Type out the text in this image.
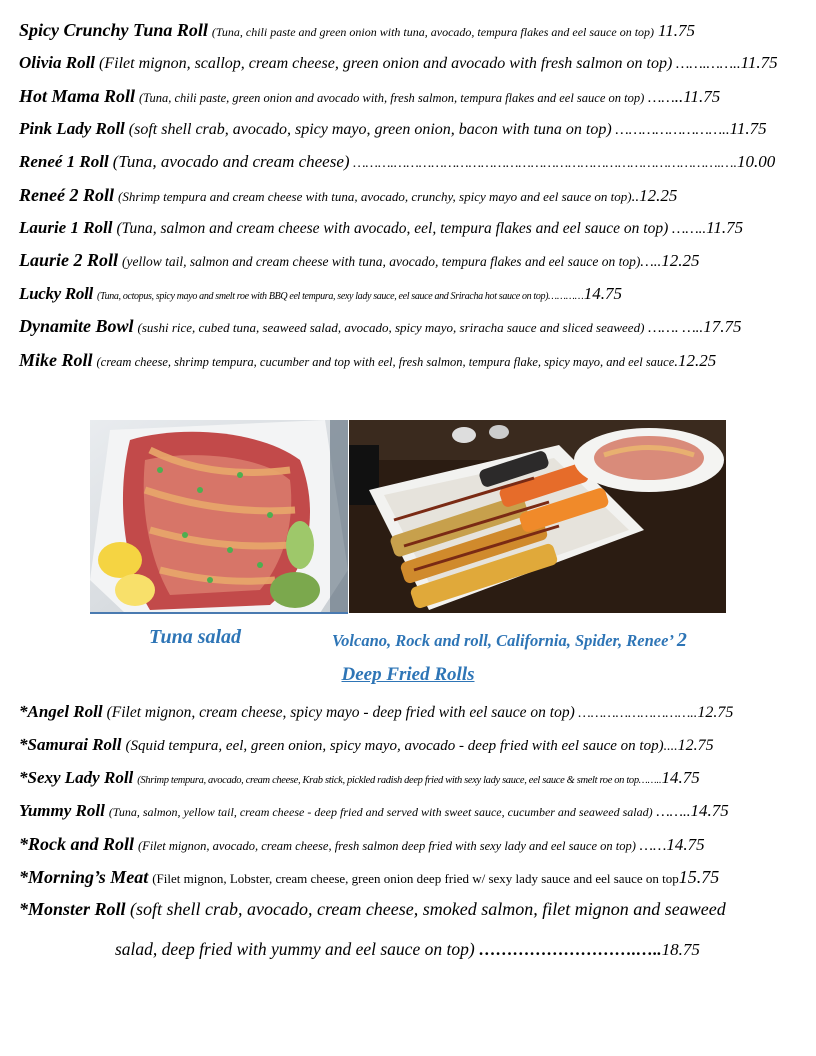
Spicy Crunchy Tuna Roll (Tuna, chili paste and green onion with tuna, avocado, tempura flakes and eel sauce on top) 11.75
Olivia Roll (Filet mignon, scallop, cream cheese, green onion and avocado with fresh salmon on top) …….……..11.75
Hot Mama Roll (Tuna, chili paste, green onion and avocado with, fresh salmon, tempura flakes and eel sauce on top) ……..11.75
Pink Lady Roll (soft shell crab, avocado, spicy mayo, green onion, bacon with tuna on top) ……………………..11.75
Reneé 1 Roll (Tuna, avocado and cream cheese) ……….…………………………………………………………………….….10.00
Reneé 2 Roll (Shrimp tempura and cream cheese with tuna, avocado, crunchy, spicy mayo and eel sauce on top)..12.25
Laurie 1 Roll (Tuna, salmon and cream cheese with avocado, eel, tempura flakes and eel sauce on top) ……..11.75
Laurie 2 Roll (yellow tail, salmon and cream cheese with tuna, avocado, tempura flakes and eel sauce on top)…..12.25
Lucky Roll (Tuna, octopus, spicy mayo and smelt roe with BBQ eel tempura, sexy lady sauce, eel sauce and Sriracha hot sauce on top)…………14.75
Dynamite Bowl (sushi rice, cubed tuna, seaweed salad, avocado, spicy mayo, sriracha sauce and sliced seaweed) ……. …..17.75
Mike Roll (cream cheese, shrimp tempura, cucumber and top with eel, fresh salmon, tempura flake, spicy mayo, and eel sauce.12.25
Tuna salad	Volcano, Rock and roll, California, Spider, Renee’ 2
Deep Fried Rolls
*Angel Roll (Filet mignon, cream cheese, spicy mayo - deep fried with eel sauce on top) ………………………..12.75
*Samurai Roll (Squid tempura, eel, green onion, spicy mayo, avocado - deep fried with eel sauce on top)....12.75
*Sexy Lady Roll (Shrimp tempura, avocado, cream cheese, Krab stick, pickled radish deep fried with sexy lady sauce, eel sauce & smelt roe on top……..14.75
Yummy Roll (Tuna, salmon, yellow tail, cream cheese - deep fried and served with sweet sauce, cucumber and seaweed salad) ……..14.75
*Rock and Roll (Filet mignon, avocado, cream cheese, fresh salmon deep fried with sexy lady and eel sauce on top) ……14.75
*Morning’s Meat (Filet mignon, Lobster, cream cheese, green onion deep fried w/ sexy lady sauce and eel sauce on top15.75
*Monster Roll (soft shell crab, avocado, cream cheese, smoked salmon, filet mignon and seaweed
salad, deep fried with yummy and eel sauce on top) ……………………….…..18.75
